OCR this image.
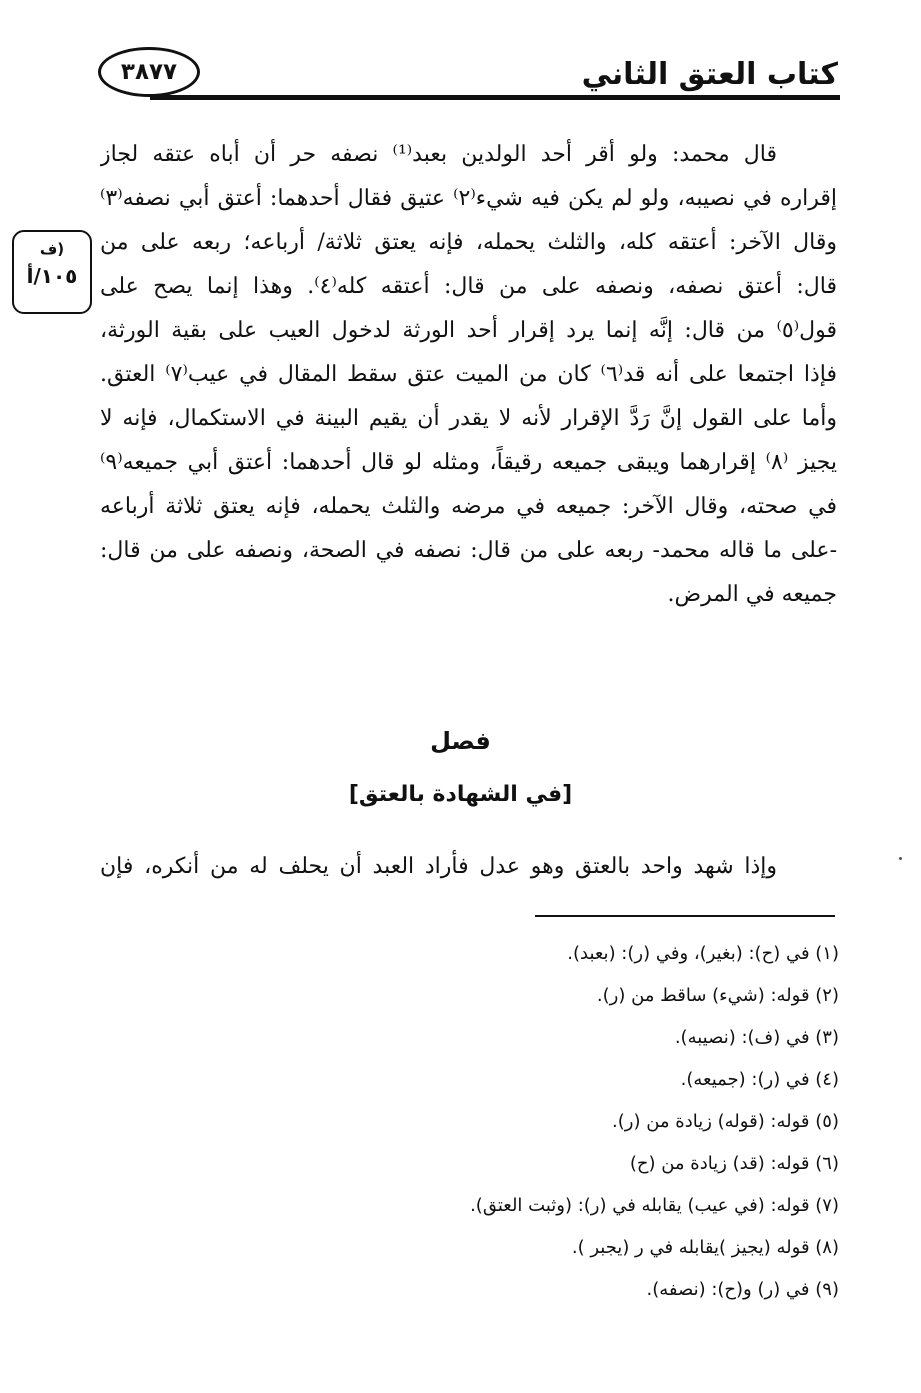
٣٨٧٧	كتاب العتق الثاني
(ف
١٠٥/أ
قال محمد: ولو أقر أحد الولدين بعبد⁽¹⁾ نصفه حر أن أباه عتقه لجاز
إقراره في نصيبه، ولو لم يكن فيه شيء⁽٢⁾ عتيق فقال أحدهما: أعتق أبي نصفه⁽٣⁾
وقال الآخر: أعتقه كله، والثلث يحمله، فإنه يعتق ثلاثة/ أرباعه؛ ربعه على من
قال: أعتق نصفه، ونصفه على من قال: أعتقه كله⁽٤⁾. وهذا إنما يصح على
قول⁽٥⁾ من قال: إنَّه إنما يرد إقرار أحد الورثة لدخول العيب على بقية الورثة،
فإذا اجتمعا على أنه قد⁽٦⁾ كان من الميت عتق سقط المقال في عيب⁽٧⁾ العتق.
وأما على القول إنَّ رَدَّ الإقرار لأنه لا يقدر أن يقيم البينة في الاستكمال، فإنه لا
يجيز ⁽٨⁾ إقرارهما ويبقى جميعه رقيقاً، ومثله لو قال أحدهما: أعتق أبي جميعه⁽٩⁾
في صحته، وقال الآخر: جميعه في مرضه والثلث يحمله، فإنه يعتق ثلاثة أرباعه
-على ما قاله محمد- ربعه على من قال: نصفه في الصحة، ونصفه على من قال:
جميعه في المرض.
فصل
[في الشهادة بالعتق]
وإذا شهد واحد بالعتق وهو عدل فأراد العبد أن يحلف له من أنكره، فإن
(١) في (ح): (بغير)، وفي (ر): (بعبد).
(٢) قوله: (شيء) ساقط من (ر).
(٣) في (ف): (نصيبه).
(٤) في (ر): (جميعه).
(٥) قوله: (قوله) زيادة من (ر).
(٦) قوله: (قد) زيادة من (ح)
(٧) قوله: (في عيب) يقابله في (ر): (وثبت العتق).
(٨) قوله (يجيز )يقابله في ر (يجبر ).
(٩) في (ر) و(ح): (نصفه).
